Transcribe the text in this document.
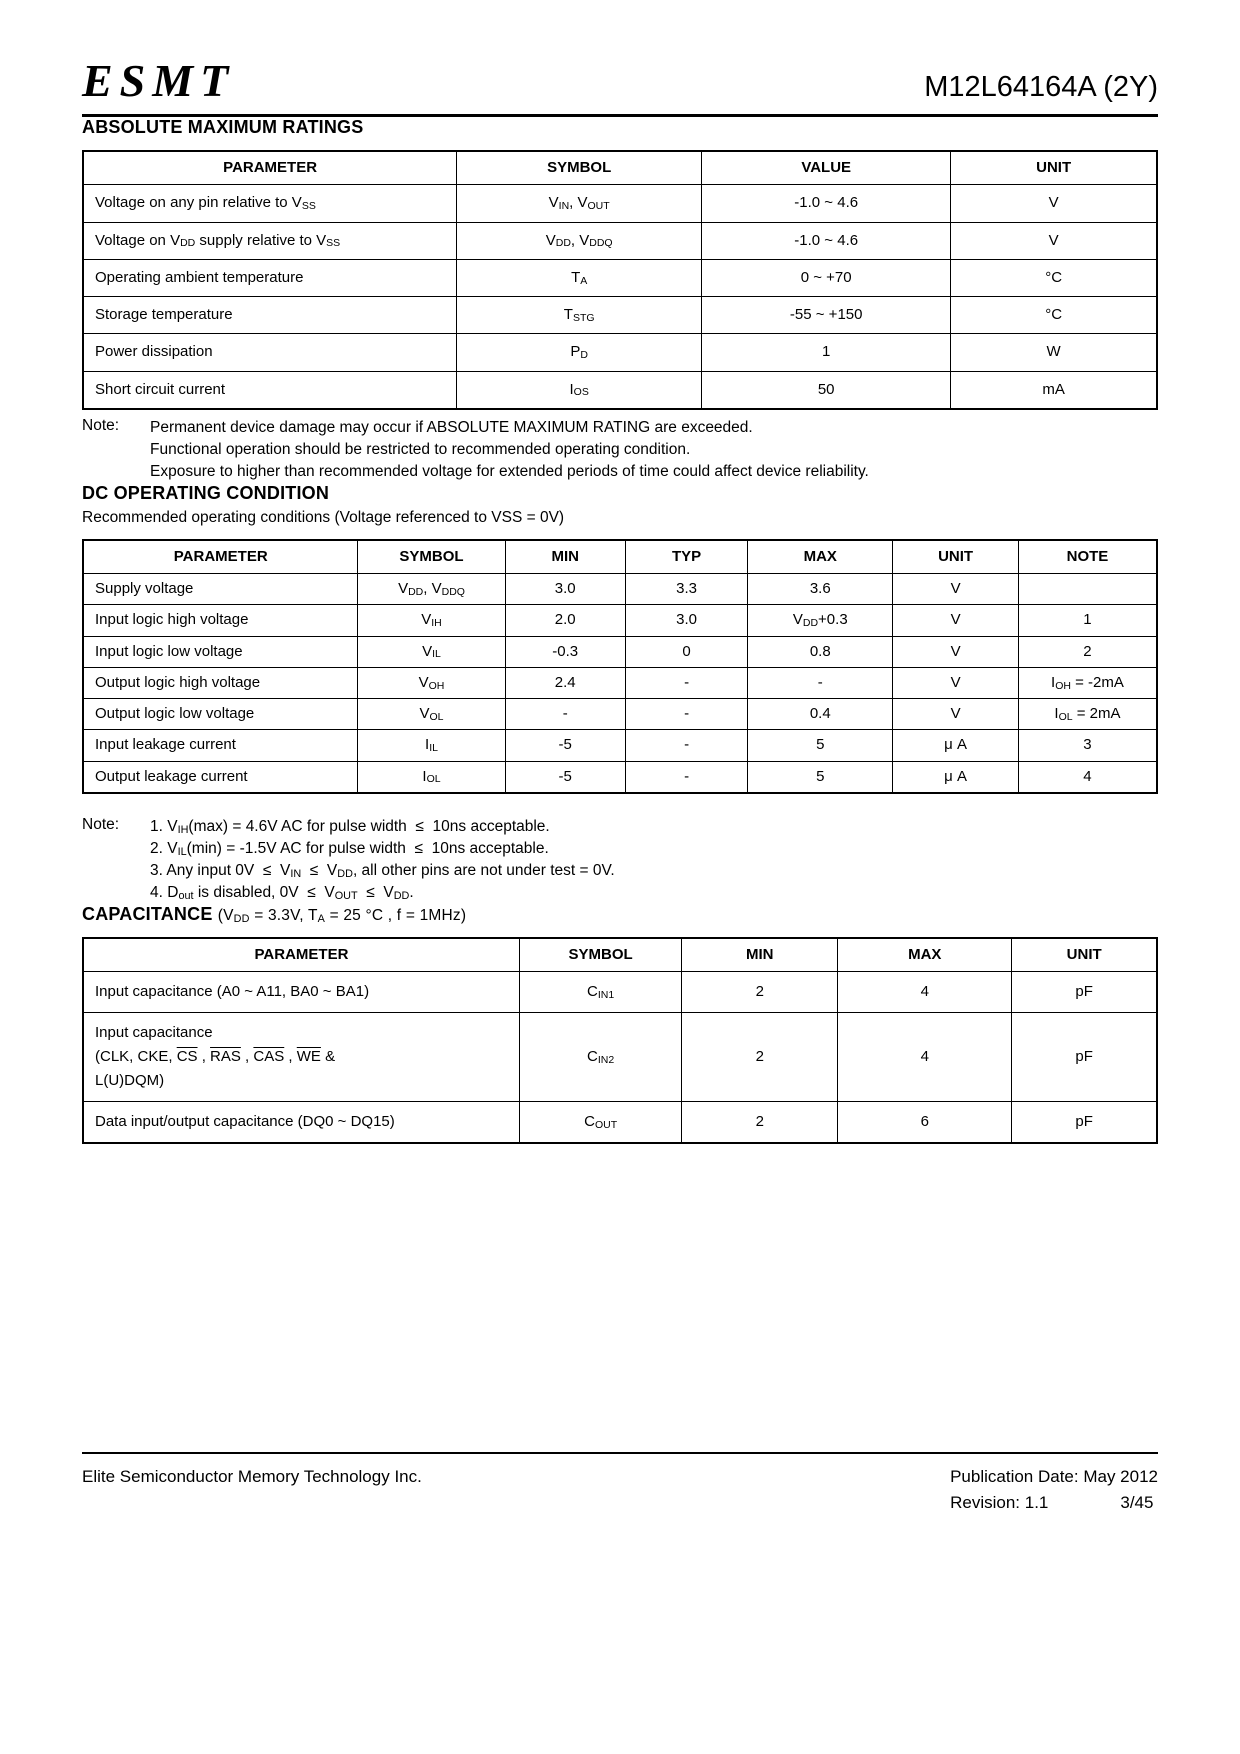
ESMT	M12L64164A (2Y)
ABSOLUTE MAXIMUM RATINGS
PARAMETER	SYMBOL	VALUE	UNIT
Voltage on any pin relative to $V_{SS}$	$V_{IN}$, $V_{OUT}$	-1.0 ~ 4.6	V
Voltage on $V_{DD}$ supply relative to $V_{SS}$	$V_{DD}$, $V_{DDQ}$	-1.0 ~ 4.6	V
Operating ambient temperature	$T_A$	0 ~ +70	°C
Storage temperature	$T_{STG}$	-55 ~ +150	°C
Power dissipation	$P_D$	1	W
Short circuit current	$I_{OS}$	50	mA
Note:	Permanent device damage may occur if ABSOLUTE MAXIMUM RATING are exceeded.
Functional operation should be restricted to recommended operating condition.
Exposure to higher than recommended voltage for extended periods of time could affect device reliability.
DC OPERATING CONDITION
Recommended operating conditions (Voltage referenced to VSS = 0V)
PARAMETER	SYMBOL	MIN	TYP	MAX	UNIT	NOTE
Supply voltage	$V_{DD}$, $V_{DDQ}$	3.0	3.3	3.6	V	
Input logic high voltage	$V_{IH}$	2.0	3.0	$V_{DD}+0.3$	V	1
Input logic low voltage	$V_{IL}$	-0.3	0	0.8	V	2
Output logic high voltage	$V_{OH}$	2.4	-	-	V	$I_{OH} = -2mA$
Output logic low voltage	$V_{OL}$	-	-	0.4	V	$I_{OL} = 2mA$
Input leakage current	$I_{IL}$	-5	-	5	μ A	3
Output leakage current	$I_{OL}$	-5	-	5	μ A	4
Note:	1. $V_{IH}(\max) = 4.6V$ AC for pulse width  ≤  10ns acceptable.
2. $V_{IL}(\min) = -1.5V$ AC for pulse width  ≤  10ns acceptable.
3. Any input $0V \le V_{IN} \le V_{DD}$, all other pins are not under test = 0V.
4. $D_{out}$ is disabled, $0V \le V_{OUT} \le V_{DD}$.
CAPACITANCE ($V_{DD} = 3.3V$, $T_A = 25$ °C , f = 1MHz)
PARAMETER	SYMBOL	MIN	MAX	UNIT
Input capacitance (A0 ~ A11, BA0 ~ BA1)	$C_{IN1}$	2	4	pF
Input capacitance
(CLK, CKE, $\overline{CS}$ , $\overline{RAS}$ , $\overline{CAS}$ , $\overline{WE}$ &
L(U)DQM)	$C_{IN2}$	2	4	pF
Data input/output capacitance (DQ0 ~ DQ15)	$C_{OUT}$	2	6	pF
Elite Semiconductor Memory Technology Inc.	Publication Date: May 2012
Revision: 1.1	3/45
